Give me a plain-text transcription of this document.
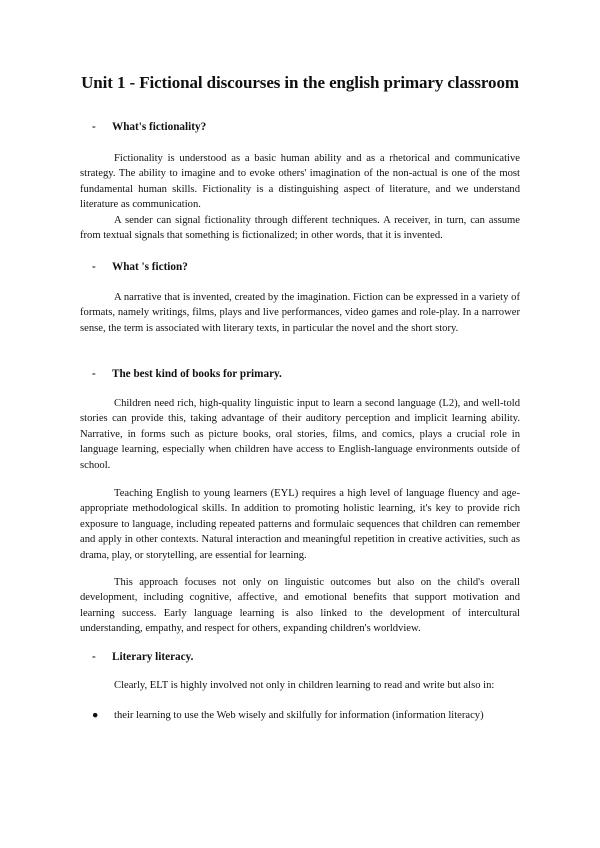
Unit 1 - Fictional discourses in the english primary classroom
- What's fictionality?

Fictionality is understood as a basic human ability and as a rhetorical and communicative strategy. The ability to imagine and to evoke others' imagination of the non-actual is one of the most fundamental human skills. Fictionality is a distinguishing aspect of literature, and we understand literature as communication.

A sender can signal fictionality through different techniques. A receiver, in turn, can assume from textual signals that something is fictionalized; in other words, that it is invented.

- What 's fiction?

A narrative that is invented, created by the imagination. Fiction can be expressed in a variety of formats, namely writings, films, plays and live performances, video games and role-play. In a narrower sense, the term is associated with literary texts, in particular the novel and the short story.

- The best kind of books for primary.

Children need rich, high-quality linguistic input to learn a second language (L2), and well-told stories can provide this, taking advantage of their auditory perception and implicit learning ability. Narrative, in forms such as picture books, oral stories, films, and comics, plays a crucial role in language learning, especially when children have access to English-language environments outside of school.

Teaching English to young learners (EYL) requires a high level of language fluency and age-appropriate methodological skills. In addition to promoting holistic learning, it's key to provide rich exposure to language, including repeated patterns and formulaic sequences that children can remember and apply in other contexts. Natural interaction and meaningful repetition in creative activities, such as drama, play, or storytelling, are essential for learning.

This approach focuses not only on linguistic outcomes but also on the child's overall development, including cognitive, affective, and emotional benefits that support motivation and learning success. Early language learning is also linked to the development of intercultural understanding, empathy, and respect for others, expanding children's worldview.

- Literary literacy.

Clearly, ELT is highly involved not only in children learning to read and write but also in:

● their learning to use the Web wisely and skilfully for information (information literacy)
